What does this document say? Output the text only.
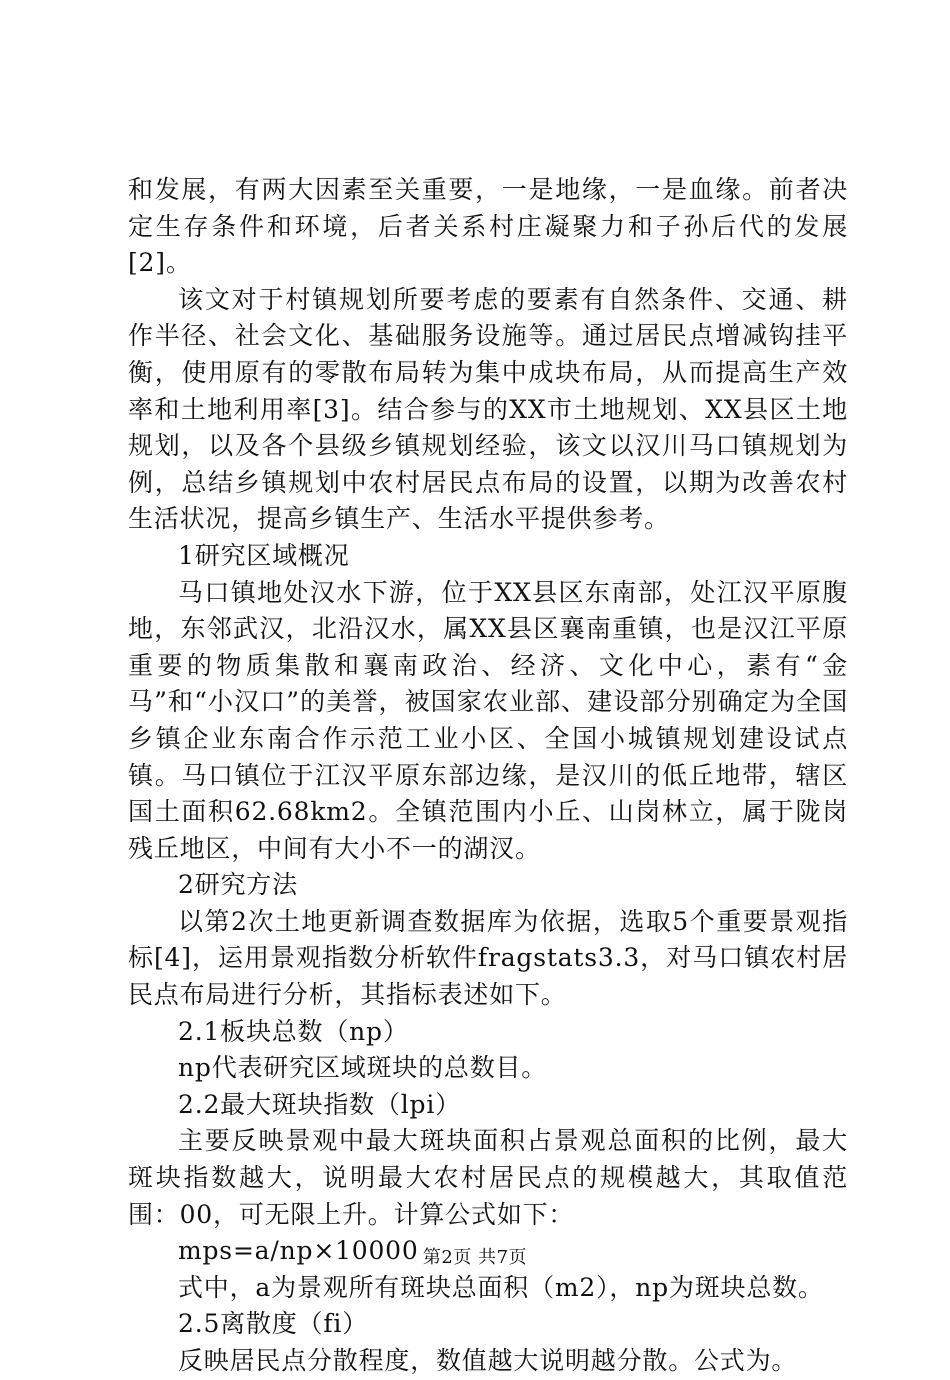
和发展，有两大因素至关重要，一是地缘，一是血缘。前者决定生存条件和环境，后者关系村庄凝聚力和子孙后代的发展[2]。

该文对于村镇规划所要考虑的要素有自然条件、交通、耕作半径、社会文化、基础服务设施等。通过居民点增减钩挂平衡，使用原有的零散布局转为集中成块布局，从而提高生产效率和土地利用率[3]。结合参与的XX市土地规划、XX县区土地规划，以及各个县级乡镇规划经验，该文以汉川马口镇规划为例，总结乡镇规划中农村居民点布局的设置，以期为改善农村生活状况，提高乡镇生产、生活水平提供参考。

1研究区域概况

马口镇地处汉水下游，位于XX县区东南部，处江汉平原腹地，东邻武汉，北沿汉水，属XX县区襄南重镇，也是汉江平原重要的物质集散和襄南政治、经济、文化中心，素有“金马”和“小汉口”的美誉，被国家农业部、建设部分别确定为全国乡镇企业东南合作示范工业小区、全国小城镇规划建设试点镇。马口镇位于江汉平原东部边缘，是汉川的低丘地带，辖区国土面积62.68km2。全镇范围内小丘、山岗林立，属于陇岗残丘地区，中间有大小不一的湖汊。

2研究方法

以第2次土地更新调查数据库为依据，选取5个重要景观指标[4]，运用景观指数分析软件fragstats3.3，对马口镇农村居民点布局进行分析，其指标表述如下。

2.1板块总数（np）

np代表研究区域斑块的总数目。

2.2最大斑块指数（lpi）

主要反映景观中最大斑块面积占景观总面积的比例，最大斑块指数越大，说明最大农村居民点的规模越大，其取值范围：00，可无限上升。计算公式如下：

mps=a/np×10000

式中，a为景观所有斑块总面积（m2），np为斑块总数。

2.5离散度（fi）

反映居民点分散程度，数值越大说明越分散。公式为。

第2页 共7页
